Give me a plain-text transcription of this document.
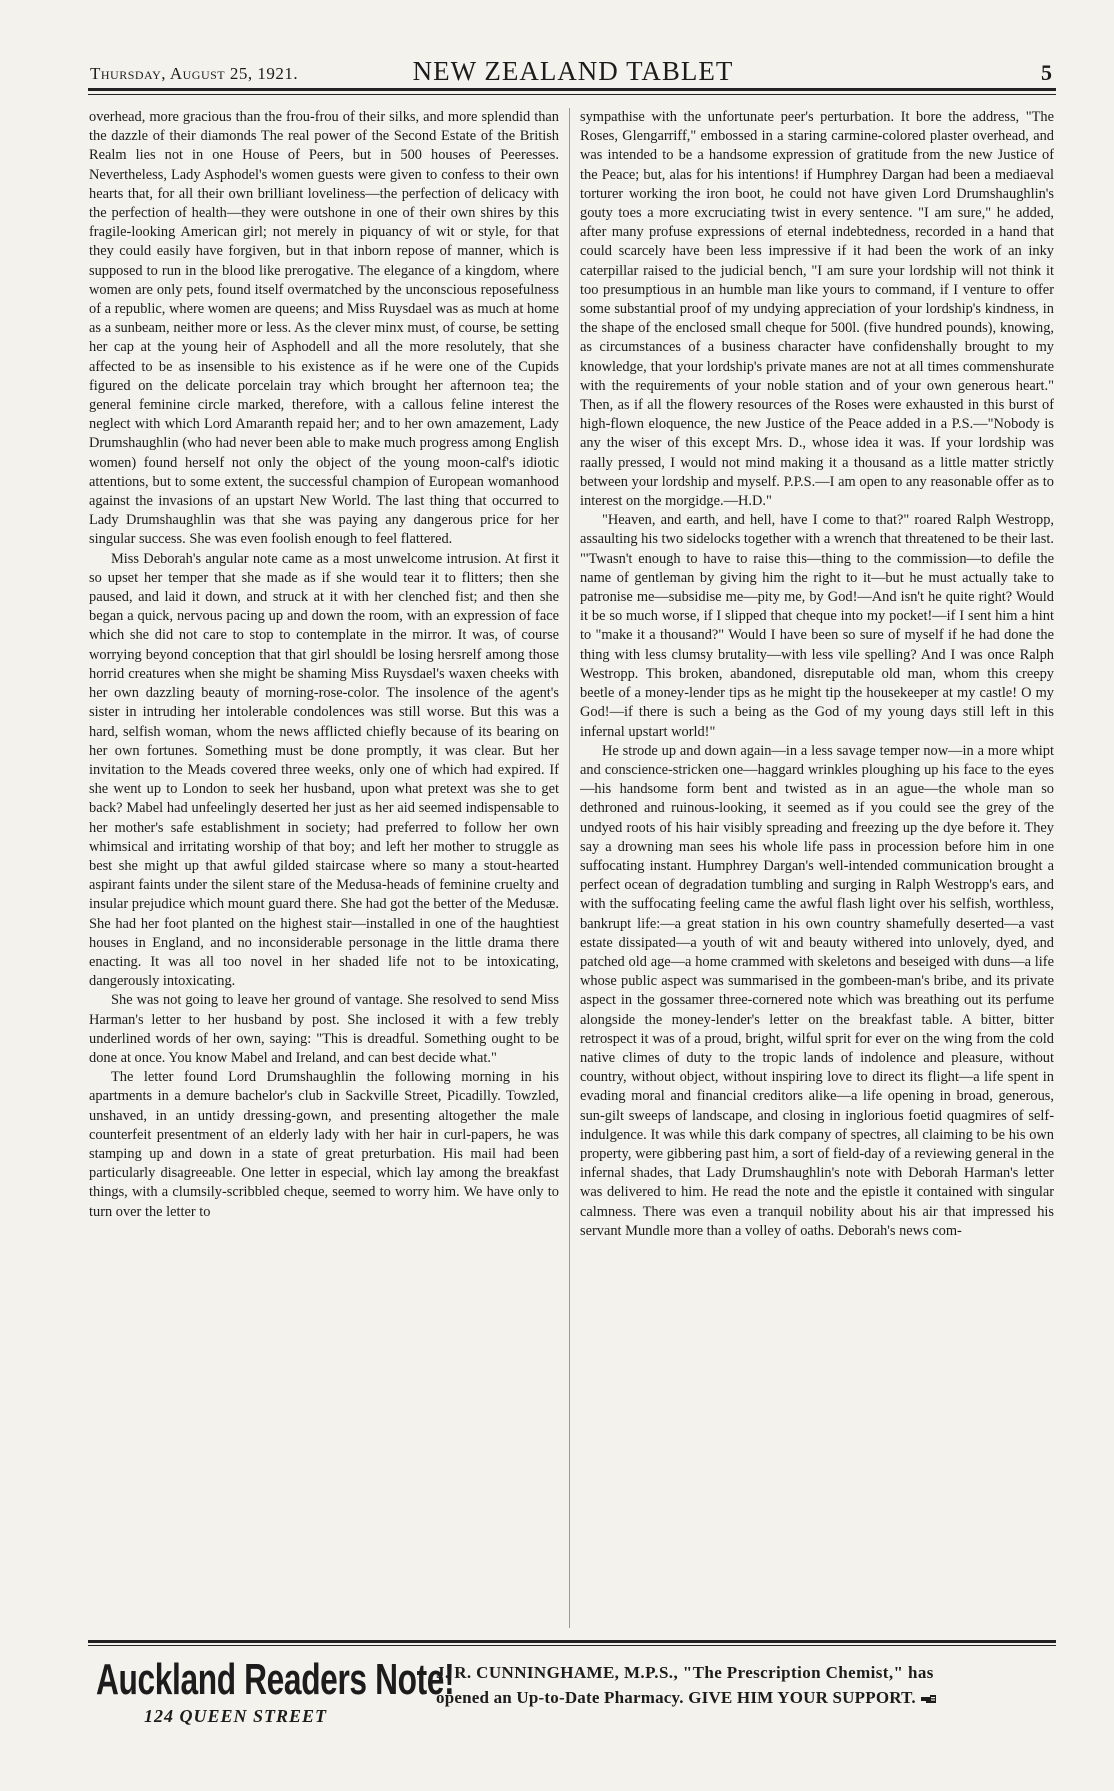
Thursday, August 25, 1921.	NEW ZEALAND TABLET	5

overhead, more gracious than the frou-frou of their silks, and more splendid than the dazzle of their diamonds The real power of the Second Estate of the British Realm lies not in one House of Peers, but in 500 houses of Peeresses. Nevertheless, Lady Asphodel's women guests were given to confess to their own hearts that, for all their own brilliant loveliness—the perfection of delicacy with the perfection of health—they were outshone in one of their own shires by this fragile-looking American girl; not merely in piquancy of wit or style, for that they could easily have forgiven, but in that inborn repose of manner, which is supposed to run in the blood like prerogative. The elegance of a kingdom, where women are only pets, found itself overmatched by the unconscious reposefulness of a republic, where women are queens; and Miss Ruysdael was as much at home as a sunbeam, neither more or less. As the clever minx must, of course, be setting her cap at the young heir of Asphodell and all the more resolutely, that she affected to be as insensible to his existence as if he were one of the Cupids figured on the delicate porcelain tray which brought her afternoon tea; the general feminine circle marked, therefore, with a callous feline interest the neglect with which Lord Amaranth repaid her; and to her own amazement, Lady Drumshaughlin (who had never been able to make much progress among English women) found herself not only the object of the young moon-calf's idiotic attentions, but to some extent, the successful champion of European womanhood against the invasions of an upstart New World. The last thing that occurred to Lady Drumshaughlin was that she was paying any dangerous price for her singular success. She was even foolish enough to feel flattered.

Miss Deborah's angular note came as a most unwelcome intrusion. At first it so upset her temper that she made as if she would tear it to flitters; then she paused, and laid it down, and struck at it with her clenched fist; and then she began a quick, nervous pacing up and down the room, with an expression of face which she did not care to stop to contemplate in the mirror. It was, of course worrying beyond conception that that girl shouldl be losing hersrelf among those horrid creatures when she might be shaming Miss Ruysdael's waxen cheeks with her own dazzling beauty of morning-rose-color. The insolence of the agent's sister in intruding her intolerable condolences was still worse. But this was a hard, selfish woman, whom the news afflicted chiefly because of its bearing on her own fortunes. Something must be done promptly, it was clear. But her invitation to the Meads covered three weeks, only one of which had expired. If she went up to London to seek her husband, upon what pretext was she to get back? Mabel had unfeelingly deserted her just as her aid seemed indispensable to her mother's safe establishment in society; had preferred to follow her own whimsical and irritating worship of that boy; and left her mother to struggle as best she might up that awful gilded staircase where so many a stout-hearted aspirant faints under the silent stare of the Medusa-heads of feminine cruelty and insular prejudice which mount guard there. She had got the better of the Medusæ. She had her foot planted on the highest stair—installed in one of the haughtiest houses in England, and no inconsiderable personage in the little drama there enacting. It was all too novel in her shaded life not to be intoxicating, dangerously intoxicating.

She was not going to leave her ground of vantage. She resolved to send Miss Harman's letter to her husband by post. She inclosed it with a few trebly underlined words of her own, saying: "This is dreadful. Something ought to be done at once. You know Mabel and Ireland, and can best decide what."

The letter found Lord Drumshaughlin the following morning in his apartments in a demure bachelor's club in Sackville Street, Picadilly. Towzled, unshaved, in an untidy dressing-gown, and presenting altogether the male counterfeit presentment of an elderly lady with her hair in curl-papers, he was stamping up and down in a state of great preturbation. His mail had been particularly disagreeable. One letter in especial, which lay among the breakfast things, with a clumsily-scribbled cheque, seemed to worry him. We have only to turn over the letter to

sympathise with the unfortunate peer's perturbation. It bore the address, "The Roses, Glengarriff," embossed in a staring carmine-colored plaster overhead, and was intended to be a handsome expression of gratitude from the new Justice of the Peace; but, alas for his intentions! if Humphrey Dargan had been a mediaeval torturer working the iron boot, he could not have given Lord Drumshaughlin's gouty toes a more excruciating twist in every sentence. "I am sure," he added, after many profuse expressions of eternal indebtedness, recorded in a hand that could scarcely have been less impressive if it had been the work of an inky caterpillar raised to the judicial bench, "I am sure your lordship will not think it too presumptious in an humble man like yours to command, if I venture to offer some substantial proof of my undying appreciation of your lordship's kindness, in the shape of the enclosed small cheque for 500l. (five hundred pounds), knowing, as circumstances of a business character have confidenshally brought to my knowledge, that your lordship's private manes are not at all times commenshurate with the requirements of your noble station and of your own generous heart." Then, as if all the flowery resources of the Roses were exhausted in this burst of high-flown eloquence, the new Justice of the Peace added in a P.S.—"Nobody is any the wiser of this except Mrs. D., whose idea it was. If your lordship was raally pressed, I would not mind making it a thousand as a little matter strictly between your lordship and myself. P.P.S.—I am open to any reasonable offer as to interest on the morgidge.—H.D."

"Heaven, and earth, and hell, have I come to that?" roared Ralph Westropp, assaulting his two sidelocks together with a wrench that threatened to be their last. "'Twasn't enough to have to raise this—thing to the commission—to defile the name of gentleman by giving him the right to it—but he must actually take to patronise me—subsidise me—pity me, by God!—And isn't he quite right? Would it be so much worse, if I slipped that cheque into my pocket!—if I sent him a hint to "make it a thousand?" Would I have been so sure of myself if he had done the thing with less clumsy brutality—with less vile spelling? And I was once Ralph Westropp. This broken, abandoned, disreputable old man, whom this creepy beetle of a money-lender tips as he might tip the housekeeper at my castle! O my God!—if there is such a being as the God of my young days still left in this infernal upstart world!"

He strode up and down again—in a less savage temper now—in a more whipt and conscience-stricken one—haggard wrinkles ploughing up his face to the eyes—his handsome form bent and twisted as in an ague—the whole man so dethroned and ruinous-looking, it seemed as if you could see the grey of the undyed roots of his hair visibly spreading and freezing up the dye before it. They say a drowning man sees his whole life pass in procession before him in one suffocating instant. Humphrey Dargan's well-intended communication brought a perfect ocean of degradation tumbling and surging in Ralph Westropp's ears, and with the suffocating feeling came the awful flash light over his selfish, worthless, bankrupt life:—a great station in his own country shamefully deserted—a vast estate dissipated—a youth of wit and beauty withered into unlovely, dyed, and patched old age—a home crammed with skeletons and beseiged with duns—a life whose public aspect was summarised in the gombeen-man's bribe, and its private aspect in the gossamer three-cornered note which was breathing out its perfume alongside the money-lender's letter on the breakfast table. A bitter, bitter retrospect it was of a proud, bright, wilful sprit for ever on the wing from the cold native climes of duty to the tropic lands of indolence and pleasure, without country, without object, without inspiring love to direct its flight—a life spent in evading moral and financial creditors alike—a life opening in broad, generous, sun-gilt sweeps of landscape, and closing in inglorious foetid quagmires of self-indulgence. It was while this dark company of spectres, all claiming to be his own property, were gibbering past him, a sort of field-day of a reviewing general in the infernal shades, that Lady Drumshaughlin's note with Deborah Harman's letter was delivered to him. He read the note and the epistle it contained with singular calmness. There was even a tranquil nobility about his air that impressed his servant Mundle more than a volley of oaths. Deborah's news com-

Auckland Readers Note!
124 QUEEN STREET
J. R. CUNNINGHAME, M.P.S., "The Prescription Chemist," has
opened an Up-to-Date Pharmacy. GIVE HIM YOUR SUPPORT.
